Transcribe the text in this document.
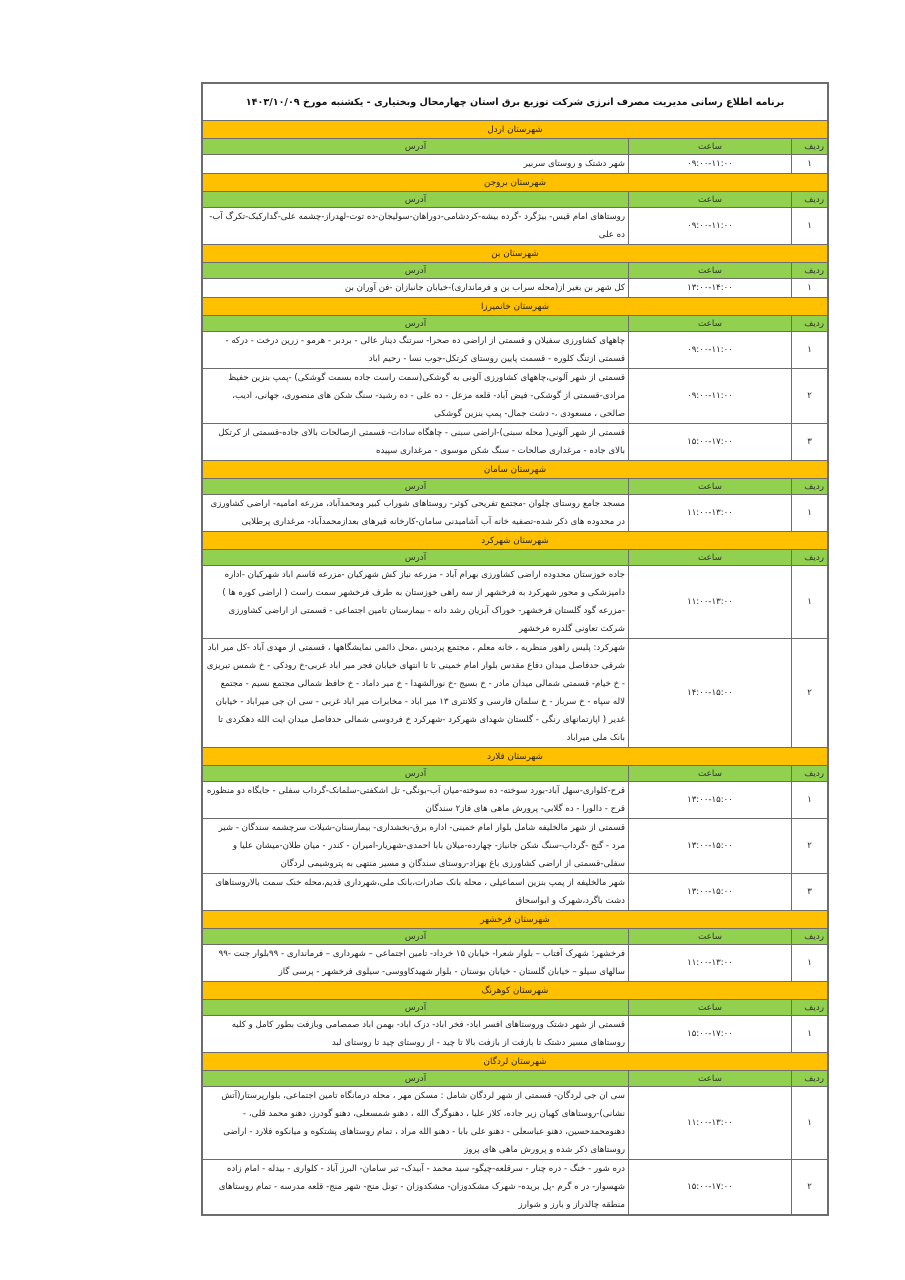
برنامه اطلاع رسانی مدیریت مصرف انرژی شرکت توزیع برق استان چهارمحال وبختیاری - یکشنبه مورخ ۱۴۰۳/۱۰/۰۹		
شهرستان اردل		
ردیف	ساعت	آدرس
۱	۰۹:۰۰-۱۱:۰۰	شهر دشتک و روستای سربیر
شهرستان بروجن		
ردیف	ساعت	آدرس
۱	۰۹:۰۰-۱۱:۰۰	روستاهای امام قیس- بیژگرد -گرده بیشه-کردشامی-دوراهان-سولیجان-ده توت-لهدراز-چشمه علی-گدارکبک-تکرگ آب-ده علی
شهرستان بن		
ردیف	ساعت	آدرس
۱	۱۳:۰۰-۱۴:۰۰	کل شهر بن بغیر از(محله سراب بن و فرمانداری)-خیابان جانبازان -فن آوران بن
شهرستان خانمیرزا		
ردیف	ساعت	آدرس
۱	۰۹:۰۰-۱۱:۰۰	چاههای کشاورزی سفیلان و قسمتی از اراضی ده صحرا- سرتنگ دینار عالی - بردبر - هرمو - زرین درخت - درکه - قسمتی ازتنگ کلوره - قسمت پایین روستای کرتکل-جوب نسا - رحیم اباد
۲	۰۹:۰۰-۱۱:۰۰	قسمتی از شهر آلونی،چاههای کشاورزی آلونی به گوشکی(سمت راست جاده بسمت گوشکی) -پمپ بنزین حفیظ مرادی-قسمتی از گوشکی- فیض آباد- قلعه مزعل - ده علی - ده رشید- سنگ شکن های منصوری، جهانی، ادیب، صالحی ، مسعودی ،- دشت جمال- پمپ بنزین گوشکی
۳	۱۵:۰۰-۱۷:۰۰	قسمتی از شهر آلونی( محله سبنی)-اراضی سبنی - چاهگاه سادات- قسمتی ازصالحات بالای جاده-قسمتی از کرتکل بالای جاده - مرغداری صالحات - سنگ شکن موسوی - مرغداری سپیده
شهرستان سامان		
ردیف	ساعت	آدرس
۱	۱۱:۰۰-۱۳:۰۰	مسجد جامع روستای چلوان -مجتمع تفریحی کوثر- روستاهای شوراب کبیر ومحمدآباد، مزرعه امامیه- اراضی کشاورزی در محدوده های ذکر شده-تصفیه خانه آب آشامیدنی سامان-کارخانه قیرهای بعدازمحمدآباد- مرغداری پرطلایی
شهرستان شهرکرد		
ردیف	ساعت	آدرس
۱	۱۱:۰۰-۱۳:۰۰	جاده خوزستان محدوده اراضی کشاورزی بهرام آباد - مزرعه نیاز کش شهرکیان -مزرعه قاسم اباد شهرکیان -اداره دامپزشکی و محور شهرکرد به فرخشهر از سه راهی خوزستان به طرف فرخشهر سمت راست ( اراضی کوره ها ) -مزرعه گود گلستان فرخشهر- خوراک آبزیان رشد دانه - بیمارستان تامین اجتماعی - قسمتی از اراضی کشاورزی شرکت تعاونی گلدره فرخشهر
۲	۱۴:۰۰-۱۵:۰۰	شهرکرد: پلیس راهور منظریه ، خانه معلم ، مجتمع پردیس ،محل دائمی نمایشگاهها ، قسمتی از مهدی آباد -کل میر اباد شرقی حدفاصل میدان دفاع مقدس بلوار امام خمینی تا تا انتهای خیابان فجر میر اباد غربی-خ رودکی - خ شمس تبریزی - خ خیام- قسمتی شمالی میدان مادر - خ بسیج -خ نورالشهدا - خ میر داماد - خ حافظ شمالی مجتمع نسیم - مجتمع لاله سپاه - خ سرباز - خ سلمان فارسی و کلانتری ۱۳ میر اباد - مخابرات میر اباد غربی - سی ان جی میراباد - خیابان غدیر ( اپارتمانهای رنگی - گلستان شهدای شهرکرد -شهرکرد خ فردوسی شمالی حدفاصل میدان ایت الله دهکردی تا بانک ملی میراباد
شهرستان فلارد		
ردیف	ساعت	آدرس
۱	۱۳:۰۰-۱۵:۰۰	قرح-کلواری-سهل آباد-بورد سوخته- ده سوخته-میان آب-بونگی- تل اشکفتی-سلمانک-گرداب سفلی - جایگاه دو منظوره قرح - دالورا - ده گلابی- پرورش ماهی های فاز۲ سندگان
۲	۱۳:۰۰-۱۵:۰۰	قسمتی از شهر مالخلیفه شامل بلوار امام خمینی- اداره برق-بخشداری- بیمارستان-شیلات سرچشمه سندگان - شیر مرد - گنج -گرداب-سنگ شکن جانباز- چهارده-میلان بابا احمدی-شهریار-امیران - کندر - میان طلان-میشان علیا و سفلی-قسمتی از اراضی کشاورزی باغ بهزاد-روستای سندگان و مسیر منتهی به پتروشیمی لردگان
۳	۱۳:۰۰-۱۵:۰۰	شهر مالخلیفه از پمپ بنزین اسماعیلی ، محله بانک صادرات،بانک ملی،شهرداری قدیم،محله خنک سمت بالاروستاهای دشت باگرد،شهرک و ابواسحاق
شهرستان فرخشهر		
ردیف	ساعت	آدرس
۱	۱۱:۰۰-۱۳:۰۰	فرخشهر: شهرک آفتاب – بلوار شعرا- خیابان ۱۵ خرداد- تامین اجتماعی – شهرداری – فرمانداری - ۹۹بلوار جنت -۹۹ سالهای سیلو – خیابان گلستان - خیابان بوستان - بلوار شهیدکاووسی- سیلوی فرخشهر - پرسی گاز
شهرستان کوهرنگ		
ردیف	ساعت	آدرس
۱	۱۵:۰۰-۱۷:۰۰	قسمتی از شهر دشتک وروستاهای افسر اباد- فخر اباد- دزک اباد- بهمن اباد صمصامی وبازفت بطور کامل و کلیه روستاهای مسیر دشتک تا بازفت از بازفت بالا تا چید - از روستای چید تا روستای لبد
شهرستان لردگان		
ردیف	ساعت	آدرس
۱	۱۱:۰۰-۱۳:۰۰	سی ان جی لردگان- قسمتی از شهر لردگان شامل : مسکن مهر ، محله درمانگاه تامین اجتماعی، بلوارپرستار(آتش نشانی)-روستاهای کهیان زیر جاده، کلار علیا ، دهنوگرگ الله ، دهنو شمسعلی، دهنو گودرز، دهنو محمد قلی، - دهنومحمدحسین، دهنو عباسعلی - دهنو علی بابا - دهنو الله مراد ، تمام روستاهای پشتکوه و میانکوه فلارد - اراضی روستاهای ذکر شده و پرورش ماهی های پروز
۲	۱۵:۰۰-۱۷:۰۰	دره شور - خنگ - دره چنار - سرقلعه-چیگو- سید محمد - آبیدک- تبر سامان- البرز آباد - کلواری - بیدله - امام زاده شهسوار- در ه گرم -پل بریده- شهرک مشکدوزان- مشکدوزان - تونل منج- شهر منج- قلعه مدرسه - تمام روستاهای منطقه چالدراز و بارز و شوارز
